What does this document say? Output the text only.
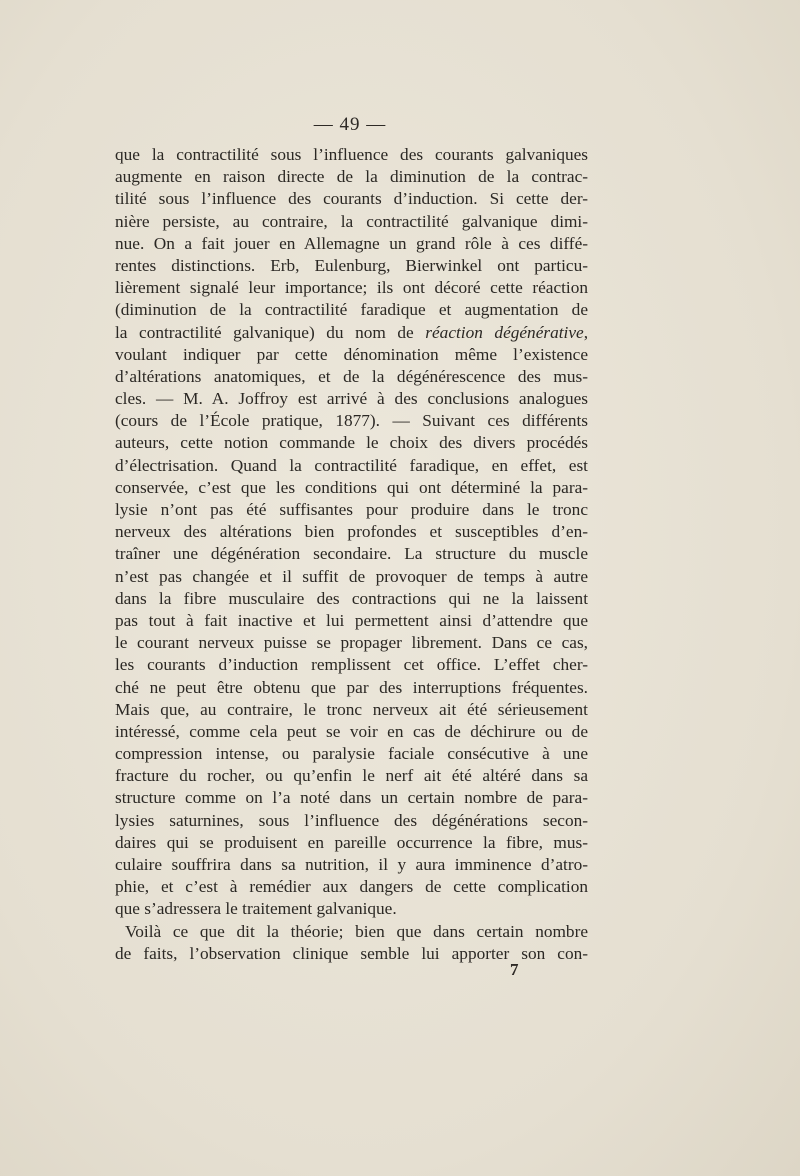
— 49 —
que la contractilité sous l’influence des courants galvaniques
augmente en raison directe de la diminution de la contrac-
tilité sous l’influence des courants d’induction. Si cette der-
nière persiste, au contraire, la contractilité galvanique dimi-
nue. On a fait jouer en Allemagne un grand rôle à ces diffé-
rentes distinctions. Erb, Eulenburg, Bierwinkel ont particu-
lièrement signalé leur importance; ils ont décoré cette réaction
(diminution de la contractilité faradique et augmentation de
la contractilité galvanique) du nom de réaction dégénérative,
voulant indiquer par cette dénomination même l’existence
d’altérations anatomiques, et de la dégénérescence des mus-
cles. — M. A. Joffroy est arrivé à des conclusions analogues
(cours de l’École pratique, 1877). — Suivant ces différents
auteurs, cette notion commande le choix des divers procédés
d’électrisation. Quand la contractilité faradique, en effet, est
conservée, c’est que les conditions qui ont déterminé la para-
lysie n’ont pas été suffisantes pour produire dans le tronc
nerveux des altérations bien profondes et susceptibles d’en-
traîner une dégénération secondaire. La structure du muscle
n’est pas changée et il suffit de provoquer de temps à autre
dans la fibre musculaire des contractions qui ne la laissent
pas tout à fait inactive et lui permettent ainsi d’attendre que
le courant nerveux puisse se propager librement. Dans ce cas,
les courants d’induction remplissent cet office. L’effet cher-
ché ne peut être obtenu que par des interruptions fréquentes.
Mais que, au contraire, le tronc nerveux ait été sérieusement
intéressé, comme cela peut se voir en cas de déchirure ou de
compression intense, ou paralysie faciale consécutive à une
fracture du rocher, ou qu’enfin le nerf ait été altéré dans sa
structure comme on l’a noté dans un certain nombre de para-
lysies saturnines, sous l’influence des dégénérations secon-
daires qui se produisent en pareille occurrence la fibre, mus-
culaire souffrira dans sa nutrition, il y aura imminence d’atro-
phie, et c’est à remédier aux dangers de cette complication
que s’adressera le traitement galvanique.
Voilà ce que dit la théorie; bien que dans certain nombre
de faits, l’observation clinique semble lui apporter son con-
7
